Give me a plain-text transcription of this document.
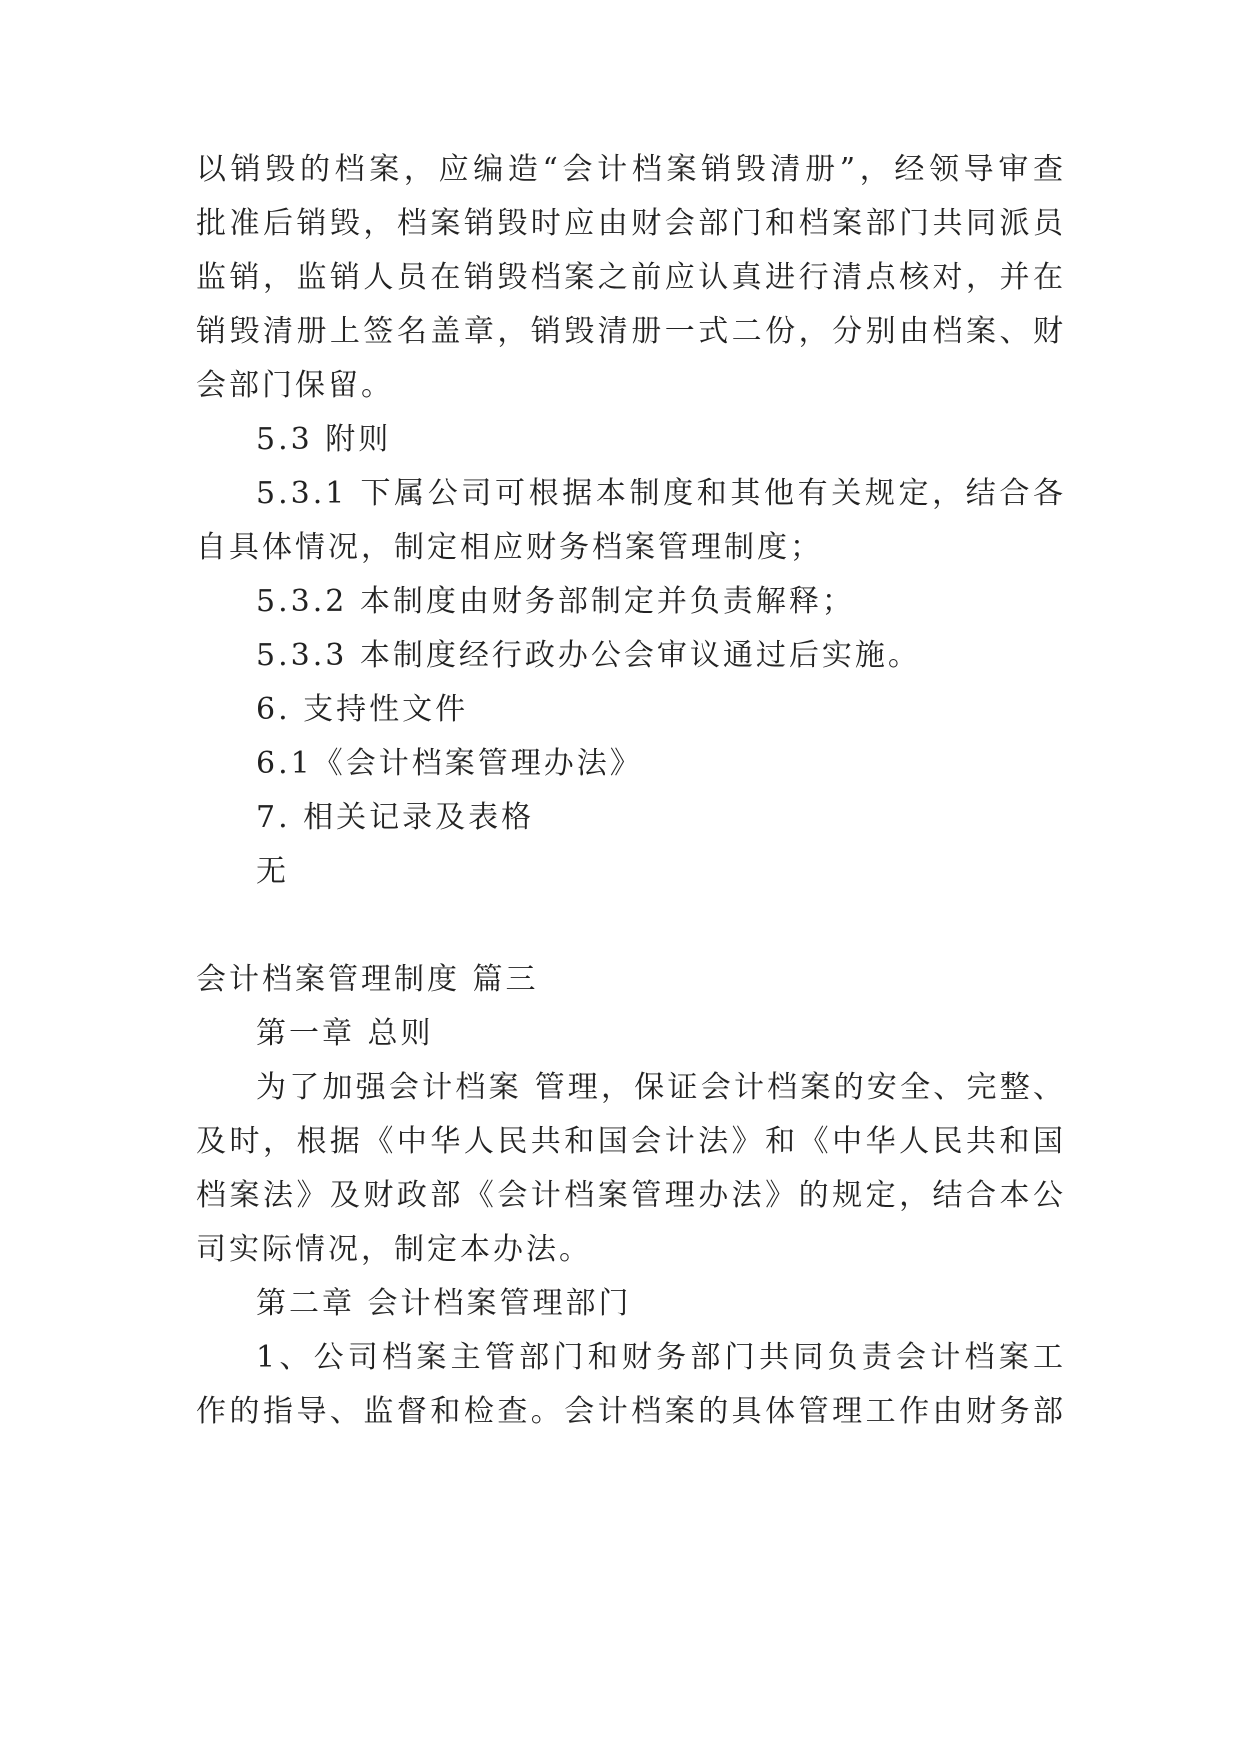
以销毁的档案，应编造“会计档案销毁清册”，经领导审查
批准后销毁，档案销毁时应由财会部门和档案部门共同派员
监销，监销人员在销毁档案之前应认真进行清点核对，并在
销毁清册上签名盖章，销毁清册一式二份，分别由档案、财
会部门保留。
5.3 附则
5.3.1 下属公司可根据本制度和其他有关规定，结合各
自具体情况，制定相应财务档案管理制度；
5.3.2 本制度由财务部制定并负责解释；
5.3.3 本制度经行政办公会审议通过后实施。
6. 支持性文件
6.1《会计档案管理办法》
7. 相关记录及表格
无
会计档案管理制度 篇三
第一章 总则
为了加强会计档案 管理，保证会计档案的安全、完整、
及时，根据《中华人民共和国会计法》和《中华人民共和国
档案法》及财政部《会计档案管理办法》的规定，结合本公
司实际情况，制定本办法。
第二章 会计档案管理部门
1、公司档案主管部门和财务部门共同负责会计档案工
作的指导、监督和检查。会计档案的具体管理工作由财务部
